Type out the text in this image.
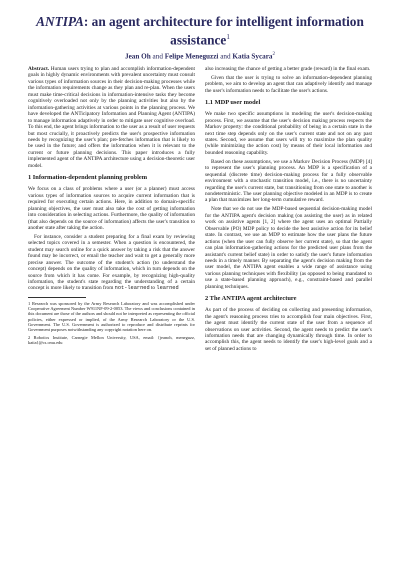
ANTIPA: an agent architecture for intelligent information assistance$^1$
Jean Oh and Felipe Meneguzzi and Katia Sycara$^2$

Abstract. Human users trying to plan and accomplish information-dependent goals in highly dynamic environments with prevalent uncertainty must consult various types of information sources in their decision-making processes while the information requirements change as they plan and re-plan. When the users must make time-critical decisions in information-intensive tasks they become cognitively overloaded not only by the planning activities but also by the information-gathering activities at various points in the planning process. We have developed the ANTicipatory Information and Planning Agent (ANTIPA) to manage information adaptively in order to mitigate user cognitive overload. To this end, the agent brings information to the user as a result of user requests but most crucially, it proactively predicts the user's prospective information needs by recognizing the user's plan; pre-fetches information that is likely to be used in the future; and offers the information when it is relevant to the current or future planning decisions. This paper introduces a fully implemented agent of the ANTIPA architecture using a decision-theoretic user model.

1 Information-dependent planning problem

We focus on a class of problems where a user (or a planner) must access various types of information sources to acquire current information that is required for executing certain actions. Here, in addition to domain-specific planning objectives, the user must also take the cost of getting information into consideration in selecting actions. Furthermore, the quality of information (that also depends on the source of information) affects the user's transition to another state after taking the action.

For instance, consider a student preparing for a final exam by reviewing selected topics covered in a semester. When a question is encountered, the student may search online for a quick answer by taking a risk that the answer found may be incorrect, or email the teacher and wait to get a generally more precise answer. The outcome of the student's action (to understand the concept) depends on the quality of information, which in turn depends on the source from which it has come. For example, by recognizing high-quality information, the student's state regarding the understanding of a certain concept is more likely to transition from not-learned to learned

1 Research was sponsored by the Army Research Laboratory and was accomplished under Cooperative Agreement Number W911NF-09-2-0053. The views and conclusions contained in this document are those of the authors and should not be interpreted as representing the official policies, either expressed or implied, of the Army Research Laboratory or the U.S. Government. The U.S. Government is authorized to reproduce and distribute reprints for Government purposes notwithstanding any copyright notation here on.

2 Robotics Institute, Carnegie Mellon University, USA, email: {jeanoh, meneguzz, katia}@cs.cmu.edu

also increasing the chance of getting a better grade (reward) in the final exam.

Given that the user is trying to solve an information-dependent planning problem, we aim to develop an agent that can adaptively identify and manage the user's information needs to facilitate the user's actions.

1.1 MDP user model

We make two specific assumptions in modeling the user's decision-making process. First, we assume that the user's decision making process respects the Markov property: the conditional probability of being in a certain state in the next time step depends only on the user's current state and not on any past states. Second, we assume that users will try to maximize the plan quality (while minimizing the action cost) by means of their local information and bounded reasoning capability.

Based on these assumptions, we use a Markov Decision Process (MDP) [4] to represent the user's planning process. An MDP is a specification of a sequential (discrete time) decision-making process for a fully observable environment with a stochastic transition model, i.e., there is no uncertainty regarding the user's current state, but transitioning from one state to another is nondeterministic. The user planning objective modeled in an MDP is to create a plan that maximizes her long-term cumulative reward.

Note that we do not use the MDP-based sequential decision-making model for the ANTIPA agent's decision making (on assisting the user) as in related work on assistive agents [1, 2] where the agent uses an optimal Partially Observable (PO) MDP policy to decide the best assistive action for its belief state. In contrast, we use an MDP to estimate how the user plans the future actions (when the user can fully observe her current state), so that the agent can plan information-gathering actions for the predicted user plans from the assistant's current belief state) in order to satisfy the user's future information needs in a timely manner. By separating the agent's decision making from the user model, the ANTIPA agent enables a wide range of assistance using various planning techniques with flexibility (as opposed to being mandated to use a state-based planning approach), e.g., constraint-based and parallel planning techniques.

2 The ANTIPA agent architecture

As part of the process of deciding on collecting and presenting information, the agent's reasoning process tries to accomplish four main objectives. First, the agent must identify the current state of the user from a sequence of observations on user activities. Second, the agent needs to predict the user's information needs that are changing dynamically through time. In order to accomplish this, the agent needs to identify the user's high-level goals and a set of planned actions to
